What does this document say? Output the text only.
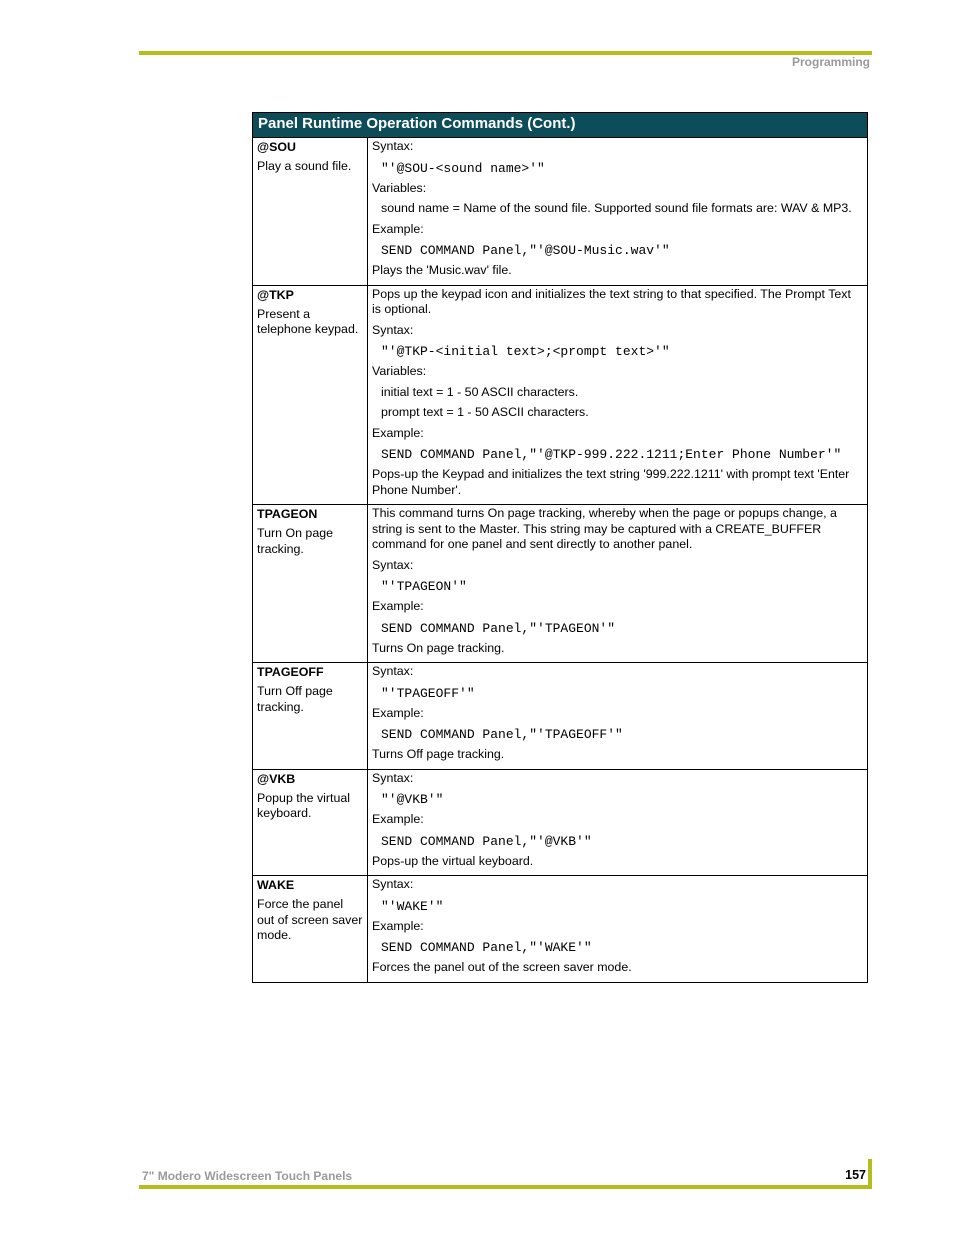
Programming
Panel Runtime Operation Commands (Cont.)
@SOU
Play a sound file.
Syntax:
"'@SOU-<sound name>'"
Variables:
sound name = Name of the sound file. Supported sound file formats are: WAV & MP3.
Example:
SEND COMMAND Panel,"'@SOU-Music.wav'"
Plays the 'Music.wav' file.
@TKP
Present a telephone keypad.
Pops up the keypad icon and initializes the text string to that specified. The Prompt Text is optional.
Syntax:
"'@TKP-<initial text>;<prompt text>'"
Variables:
initial text = 1 - 50 ASCII characters.
prompt text = 1 - 50 ASCII characters.
Example:
SEND COMMAND Panel,"'@TKP-999.222.1211;Enter Phone Number'"
Pops-up the Keypad and initializes the text string '999.222.1211' with prompt text 'Enter Phone Number'.
TPAGEON
Turn On page tracking.
This command turns On page tracking, whereby when the page or popups change, a string is sent to the Master. This string may be captured with a CREATE_BUFFER command for one panel and sent directly to another panel.
Syntax:
"'TPAGEON'"
Example:
SEND COMMAND Panel,"'TPAGEON'"
Turns On page tracking.
TPAGEOFF
Turn Off page tracking.
Syntax:
"'TPAGEOFF'"
Example:
SEND COMMAND Panel,"'TPAGEOFF'"
Turns Off page tracking.
@VKB
Popup the virtual keyboard.
Syntax:
"'@VKB'"
Example:
SEND COMMAND Panel,"'@VKB'"
Pops-up the virtual keyboard.
WAKE
Force the panel out of screen saver mode.
Syntax:
"'WAKE'"
Example:
SEND COMMAND Panel,"'WAKE'"
Forces the panel out of the screen saver mode.
7" Modero Widescreen Touch Panels	157
